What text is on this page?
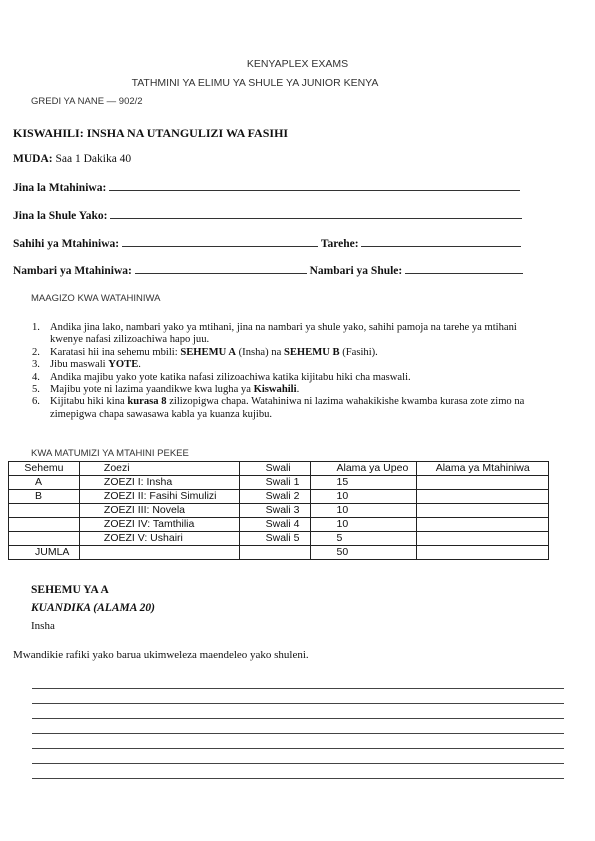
KENYAPLEX EXAMS
TATHMINI YA ELIMU YA SHULE YA JUNIOR KENYA
GREDI YA NANE — 902/2
KISWAHILI: INSHA NA UTANGULIZI WA FASIHI
MUDA: Saa 1 Dakika 40
Jina la Mtahiniwa:
Jina la Shule Yako:
Sahihi ya Mtahiniwa:	Tarehe:
Nambari ya Mtahiniwa:	Nambari ya Shule:
MAAGIZO KWA WATAHINIWA
1. Andika jina lako, nambari yako ya mtihani, jina na nambari ya shule yako, sahihi pamoja na tarehe ya mtihani kwenye nafasi zilizoachiwa hapo juu.
2. Karatasi hii ina sehemu mbili: SEHEMU A (Insha) na SEHEMU B (Fasihi).
3. Jibu maswali YOTE.
4. Andika majibu yako yote katika nafasi zilizoachiwa katika kijitabu hiki cha maswali.
5. Majibu yote ni lazima yaandikwe kwa lugha ya Kiswahili.
6. Kijitabu hiki kina kurasa 8 zilizopigwa chapa. Watahiniwa ni lazima wahakikishe kwamba kurasa zote zimo na zimepigwa chapa sawasawa kabla ya kuanza kujibu.
KWA MATUMIZI YA MTAHINI PEKEE
Sehemu	Zoezi	Swali	Alama ya Upeo	Alama ya Mtahiniwa
A	ZOEZI I: Insha	Swali 1	15	
B	ZOEZI II: Fasihi Simulizi	Swali 2	10	
	ZOEZI III: Novela	Swali 3	10	
	ZOEZI IV: Tamthilia	Swali 4	10	
	ZOEZI V: Ushairi	Swali 5	5	
JUMLA			50	
SEHEMU YA A
KUANDIKA (ALAMA 20)
Insha
Mwandikie rafiki yako barua ukimweleza maendeleo yako shuleni.
